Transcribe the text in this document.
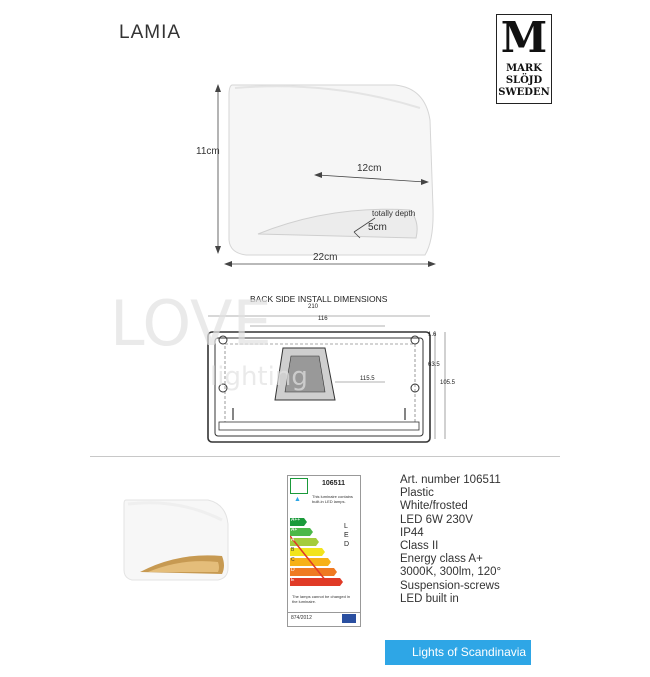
LAMIA	M
MARK
SLÖJD
SWEDEN
11cm
12cm
totally depth
5cm
22cm
BACK SIDE INSTALL DIMENSIONS
210
116
115.5
63.5
105.5
1.6
LOVE
lighting
106511
▲	This luminaire contains built-in LED lamps.
A++
A+
A
B
C
D
E
LED
The lamps cannot be changed in the luminaire.
874/2012
Art. number 106511
Plastic
White/frosted
LED 6W 230V
IP44
Class II
Energy class A+
3000K, 300lm, 120°
Suspension-screws
LED built in
Lights of Scandinavia
